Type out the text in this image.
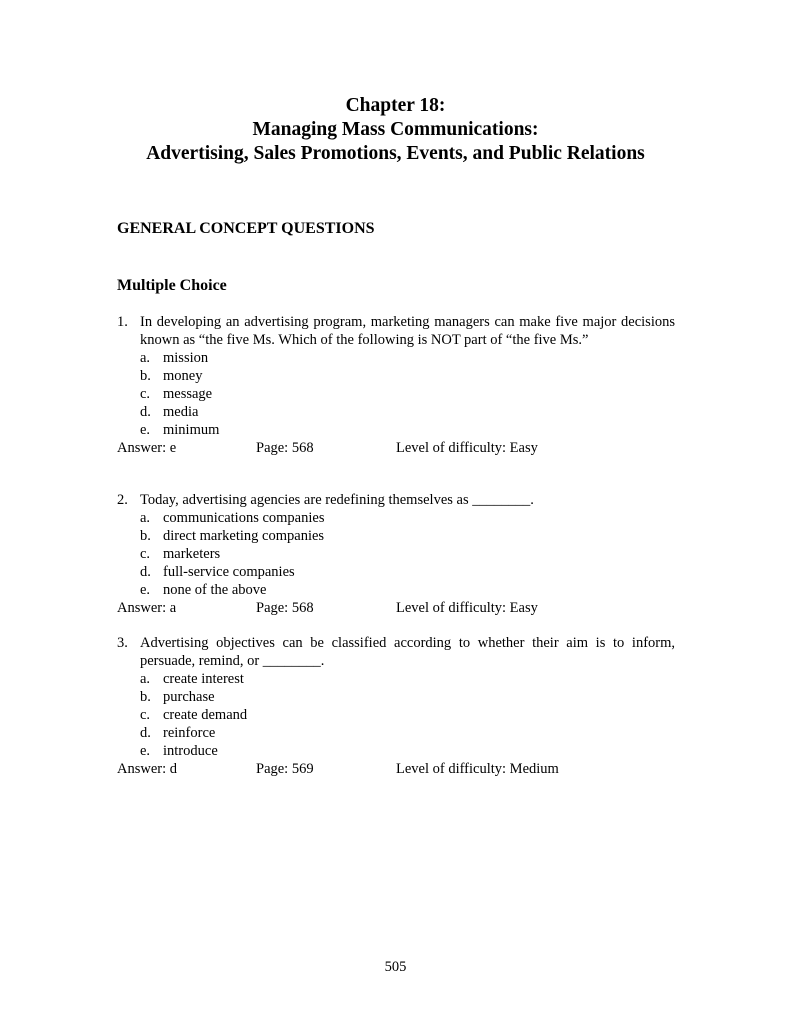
Chapter 18:
Managing Mass Communications:
Advertising, Sales Promotions, Events, and Public Relations
GENERAL CONCEPT QUESTIONS
Multiple Choice
1. In developing an advertising program, marketing managers can make five major decisions known as “the five Ms. Which of the following is NOT part of “the five Ms.”
a. mission
b. money
c. message
d. media
e. minimum
Answer: e	Page: 568	Level of difficulty: Easy
2. Today, advertising agencies are redefining themselves as ________.
a. communications companies
b. direct marketing companies
c. marketers
d. full-service companies
e. none of the above
Answer: a	Page: 568	Level of difficulty: Easy
3. Advertising objectives can be classified according to whether their aim is to inform, persuade, remind, or ________.
a. create interest
b. purchase
c. create demand
d. reinforce
e. introduce
Answer: d	Page: 569	Level of difficulty: Medium
505
